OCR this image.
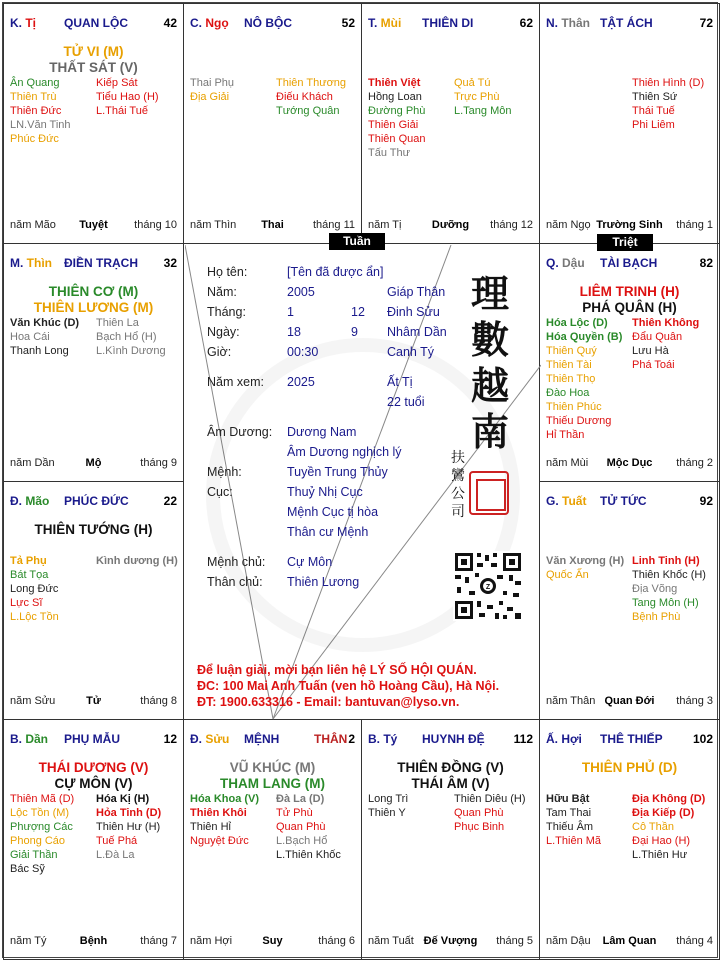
K. Tị QUAN LỘC	42
TỬ VI (M)
THẤT SÁT (V)
Ân Quang
Thiên Trù
Thiên Đức
LN.Văn Tinh
Phúc Đức
Kiếp Sát
Tiểu Hao (H)
L.Thái Tuế
Tuyệt
năm Mão	tháng 10
C. Ngọ NÔ BỘC	52
Thai Phụ
Địa Giải
Thiên Thương
Điếu Khách
Tướng Quân
Thai
năm Thìn	tháng 11
T. Mùi THIÊN DI	62
Thiên Việt
Hồng Loan
Đường Phù
Thiên Giải
Thiên Quan
Tấu Thư
Quả Tú
Trực Phù
L.Tang Môn
Dưỡng
năm Tị	tháng 12
N. Thân TẬT ÁCH	72
Thiên Hình (D)
Thiên Sứ
Thái Tuế
Phi Liêm
Trường Sinh
năm Ngọ	tháng 1
M. Thìn ĐIỀN TRẠCH 32
THIÊN CƠ (M)
THIÊN LƯƠNG (M)
Văn Khúc (D)
Hoa Cái
Thanh Long
Thiên La
Bạch Hổ (H)
L.Kình Dương
Mộ
năm Dần	tháng 9
Q. Dậu TÀI BẠCH	82
LIÊM TRINH (H)
PHÁ QUÂN (H)
Hóa Lộc (D)
Hóa Quyền (B)
Thiên Quý
Thiên Tài
Thiên Thọ
Đào Hoa
Thiên Phúc
Thiếu Dương
Hỉ Thần
Thiên Không
Đẩu Quân
Lưu Hà
Phá Toái
Mộc Dục
năm Mùi	tháng 2
Đ. Mão PHÚC ĐỨC	22
THIÊN TƯỚNG (H)
Tả Phụ
Bát Tọa
Long Đức
Lực Sĩ
L.Lộc Tồn
Kình dương (H)
Tử
năm Sửu	tháng 8
G. Tuất TỬ TỨC	92
Văn Xương (H)
Quốc Ấn
Linh Tinh (H)
Thiên Khốc (H)
Địa Võng
Tang Môn (H)
Bệnh Phù
Quan Đới
năm Thân	tháng 3
B. Dần PHỤ MẪU	12
THÁI DƯƠNG (V)
CỰ MÔN (V)
Thiên Mã (D)
Lộc Tồn (M)
Phượng Các
Phong Cáo
Giải Thần
Bác Sỹ
Hóa Kị (H)
Hỏa Tinh (D)
Thiên Hư (H)
Tuế Phá
L.Đà La
Bệnh
năm Tý	tháng 7
Đ. Sửu MỆNH	THÂN 2
VŨ KHÚC (M)
THAM LANG (M)
Hóa Khoa (V)
Thiên Khôi
Thiên Hỉ
Nguyệt Đức
Đà La (D)
Tử Phù
Quan Phù
L.Bạch Hổ
L.Thiên Khốc
Suy
năm Hợi	tháng 6
B. Tý HUYNH ĐỆ 112
THIÊN ĐỒNG (V)
THÁI ÂM (V)
Long Trì
Thiên Y
Thiên Diêu (H)
Quan Phù
Phục Binh
Đế Vượng
năm Tuất	tháng 5
Ấ. Hợi THÊ THIẾP	102
THIÊN PHỦ (D)
Hữu Bật
Tam Thai
Thiếu Âm
L.Thiên Mã
Địa Không (D)
Địa Kiếp (D)
Cô Thần
Đại Hao (H)
L.Thiên Hư
Lâm Quan
năm Dậu	tháng 4
Tuần	Triệt
Họ tên:	[Tên đã được ẩn]
Năm:	2005	Giáp Thân
Tháng:	1	12 Đinh Sửu
Ngày:	18	9 Nhâm Dần
Giờ:	00:30	Canh Tý
Năm xem: 2025	Ất Tị
22 tuổi
Âm Dương: Dương Nam
Âm Dương nghịch lý
Mệnh:	Tuyền Trung Thủy
Cục:	Thuỷ Nhị Cục
Mệnh Cục tị hòa
Thân cư Mệnh
Mệnh chủ: Cự Môn
Thân chủ: Thiên Lương
理
數
越
南
扶
鸞
公
司
Z
Để luận giải, mời bạn liên hệ LÝ SỐ HỘI QUÁN.
ĐC: 100 Mai Anh Tuấn (ven hồ Hoàng Cầu), Hà Nội.
ĐT: 1900.633316 - Email: bantuvan@lyso.vn.
